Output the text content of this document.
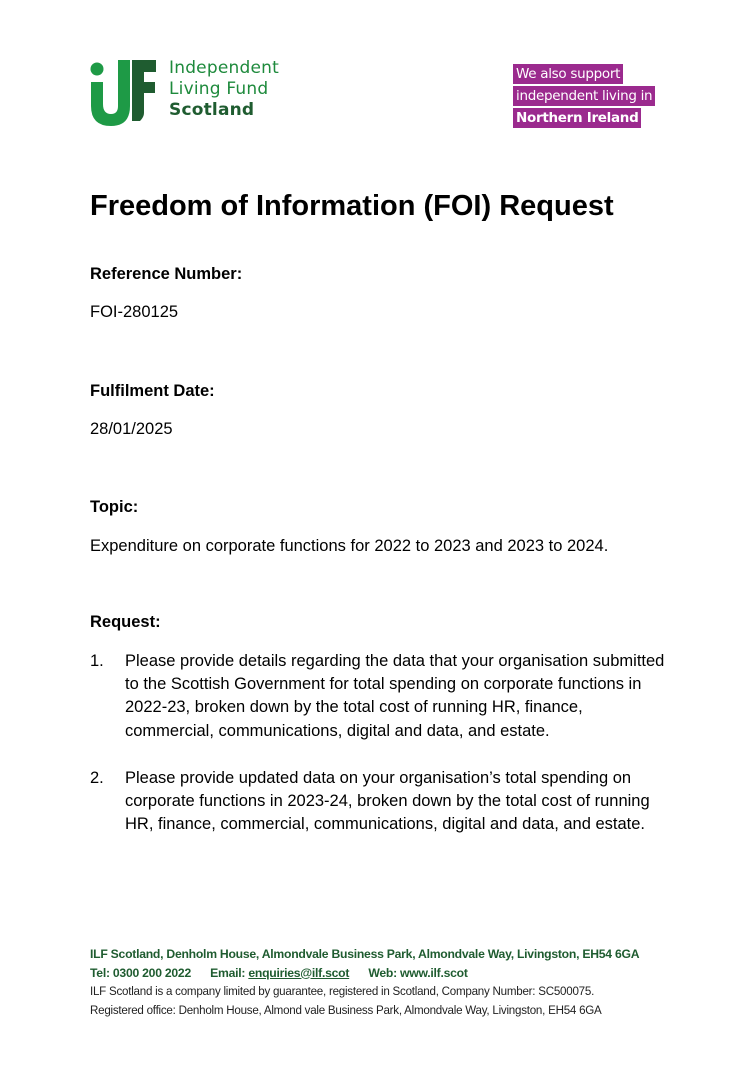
Independent
Living Fund
Scotland
We also support
independent living in
Northern Ireland
Freedom of Information (FOI) Request

Reference Number:

FOI-280125

Fulfilment Date:

28/01/2025

Topic:

Expenditure on corporate functions for 2022 to 2023 and 2023 to 2024.

Request:

1. Please provide details regarding the data that your organisation submitted to the Scottish Government for total spending on corporate functions in 2022-23, broken down by the total cost of running HR, finance, commercial, communications, digital and data, and estate.
2. Please provide updated data on your organisation’s total spending on corporate functions in 2023-24, broken down by the total cost of running HR, finance, commercial, communications, digital and data, and estate.
ILF Scotland, Denholm House, Almondvale Business Park, Almondvale Way, Livingston, EH54 6GA
Tel: 0300 200 2022 Email: enquiries@ilf.scot Web: www.ilf.scot
ILF Scotland is a company limited by guarantee, registered in Scotland, Company Number: SC500075.
Registered office: Denholm House, Almond vale Business Park, Almondvale Way, Livingston, EH54 6GA
